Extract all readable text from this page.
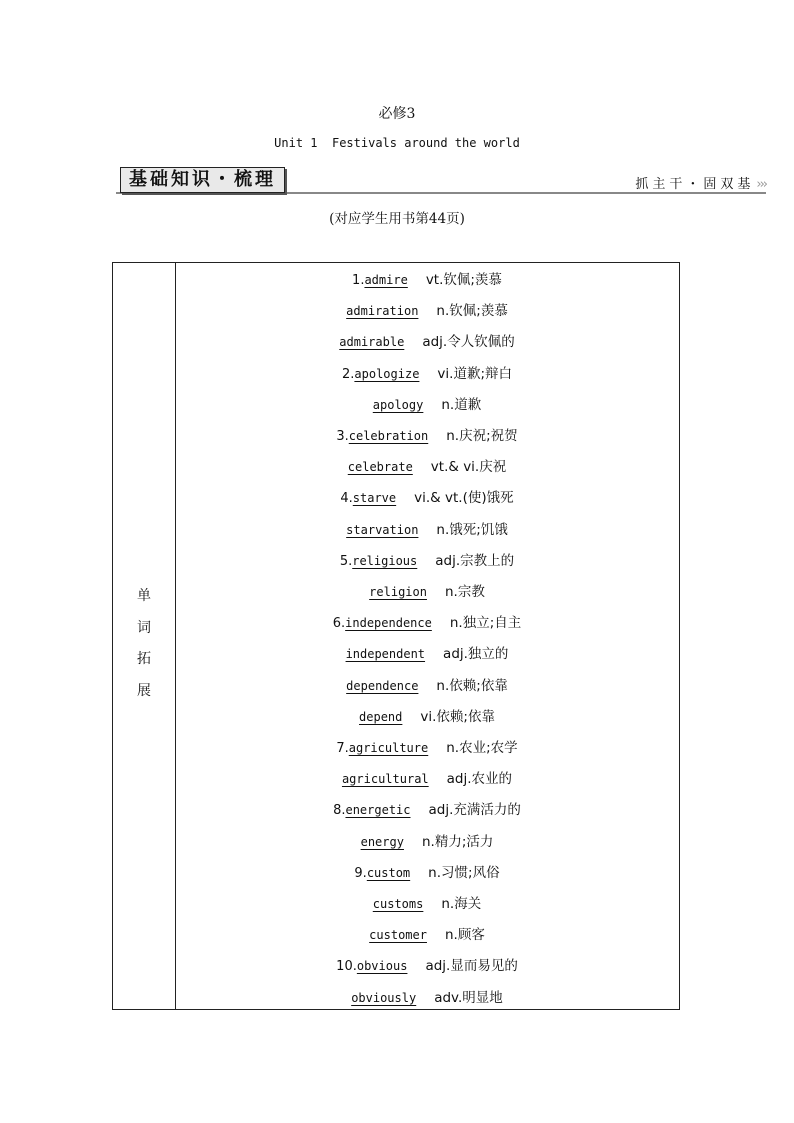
必修3
Unit 1  Festivals around the world
基础知识・梳理	抓主干・固双基 ›››
(对应学生用书第44页)
单
词
拓
展
1.admire vt.钦佩;羡慕
admiration n.钦佩;羡慕
admirable adj.令人钦佩的
2.apologize vi.道歉;辩白
apology n.道歉
3.celebration n.庆祝;祝贺
celebrate vt.& vi.庆祝
4.starve vi.& vt.(使)饿死
starvation n.饿死;饥饿
5.religious adj.宗教上的
religion n.宗教
6.independence n.独立;自主
independent adj.独立的
dependence n.依赖;依靠
depend vi.依赖;依靠
7.agriculture n.农业;农学
agricultural adj.农业的
8.energetic adj.充满活力的
energy n.精力;活力
9.custom n.习惯;风俗
customs n.海关
customer n.顾客
10.obvious adj.显而易见的
obviously adv.明显地
